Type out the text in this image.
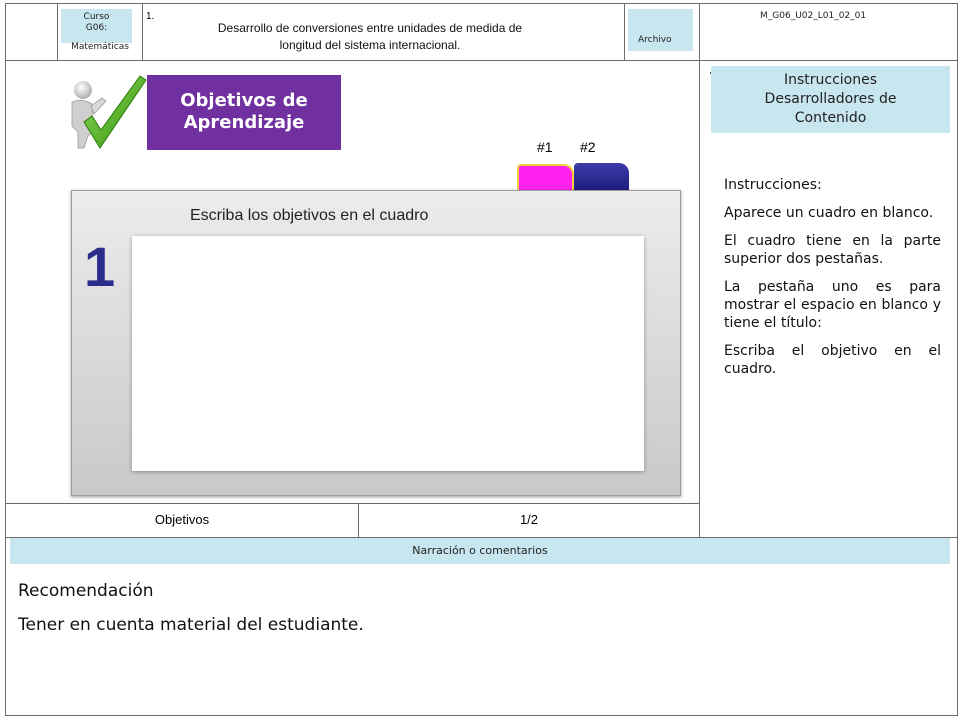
Curso
G06:
Matemáticas
1.
Desarrollo de conversiones entre unidades de medida de
longitud del sistema internacional.	Archivo
M_G06_U02_L01_02_01
Objetivos de
Aprendizaje
#1 #2
Escriba los objetivos en el cuadro
1
Instrucciones
Desarrolladores de
Contenido

Instrucciones:

Aparece un cuadro en blanco.

El cuadro tiene en la parte superior dos pestañas.

La pestaña uno es para mostrar el espacio en blanco y tiene el título:

Escriba el objetivo en el cuadro.

Objetivos	1/2
Narración o comentarios
Recomendación
Tener en cuenta material del estudiante.
